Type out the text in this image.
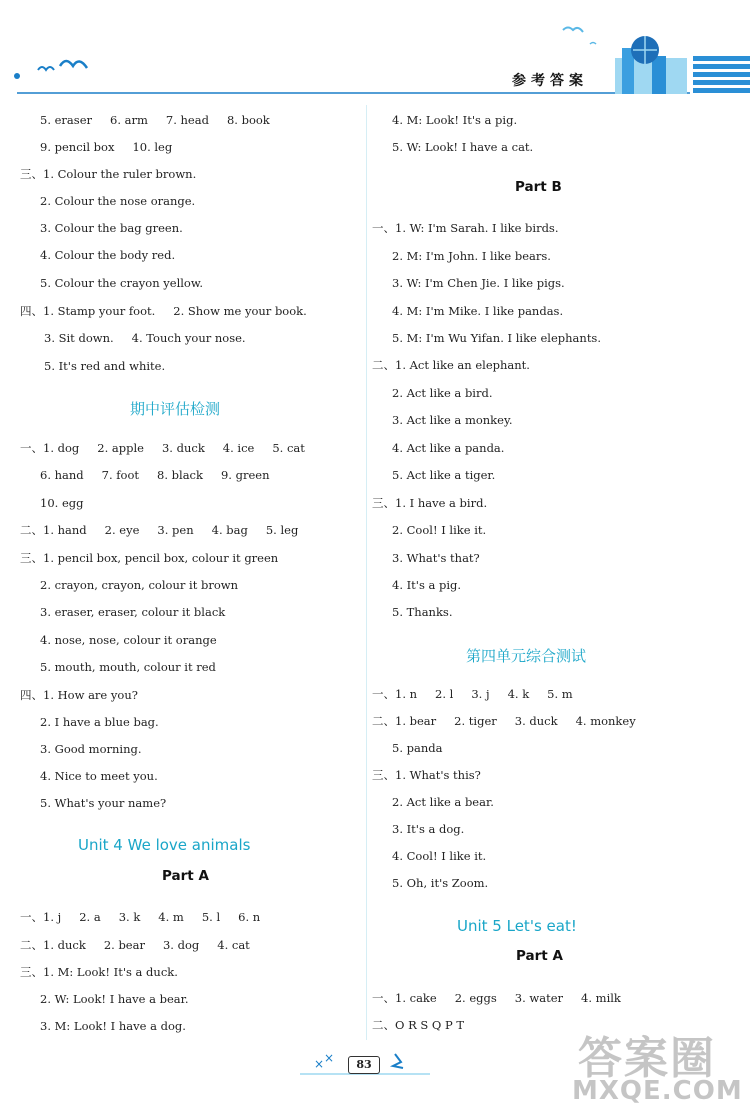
参考答案
5. eraser 6. arm 7. head 8. book
9. pencil box 10. leg
三、1. Colour the ruler brown.
2. Colour the nose orange.
3. Colour the bag green.
4. Colour the body red.
5. Colour the crayon yellow.
四、1. Stamp your foot. 2. Show me your book.
3. Sit down. 4. Touch your nose.
5. It's red and white.
期中评估检测
一、1. dog 2. apple 3. duck 4. ice 5. cat
6. hand 7. foot 8. black 9. green
10. egg
二、1. hand 2. eye 3. pen 4. bag 5. leg
三、1. pencil box, pencil box, colour it green
2. crayon, crayon, colour it brown
3. eraser, eraser, colour it black
4. nose, nose, colour it orange
5. mouth, mouth, colour it red
四、1. How are you?
2. I have a blue bag.
3. Good morning.
4. Nice to meet you.
5. What's your name?
Unit 4 We love animals
Part A
一、1. j 2. a 3. k 4. m 5. l 6. n
二、1. duck 2. bear 3. dog 4. cat
三、1. M: Look! It's a duck.
2. W: Look! I have a bear.
3. M: Look! I have a dog.
4. M: Look! It's a pig.
5. W: Look! I have a cat.
Part B
一、1. W: I'm Sarah. I like birds.
2. M: I'm John. I like bears.
3. W: I'm Chen Jie. I like pigs.
4. M: I'm Mike. I like pandas.
5. M: I'm Wu Yifan. I like elephants.
二、1. Act like an elephant.
2. Act like a bird.
3. Act like a monkey.
4. Act like a panda.
5. Act like a tiger.
三、1. I have a bird.
2. Cool! I like it.
3. What's that?
4. It's a pig.
5. Thanks.
第四单元综合测试
一、1. n 2. l 3. j 4. k 5. m
二、1. bear 2. tiger 3. duck 4. monkey
5. panda
三、1. What's this?
2. Act like a bear.
3. It's a dog.
4. Cool! I like it.
5. Oh, it's Zoom.
Unit 5 Let's eat!
Part A
一、1. cake 2. eggs 3. water 4. milk
二、O R S Q P T
× ×	83	答案圈
MXQE.COM
